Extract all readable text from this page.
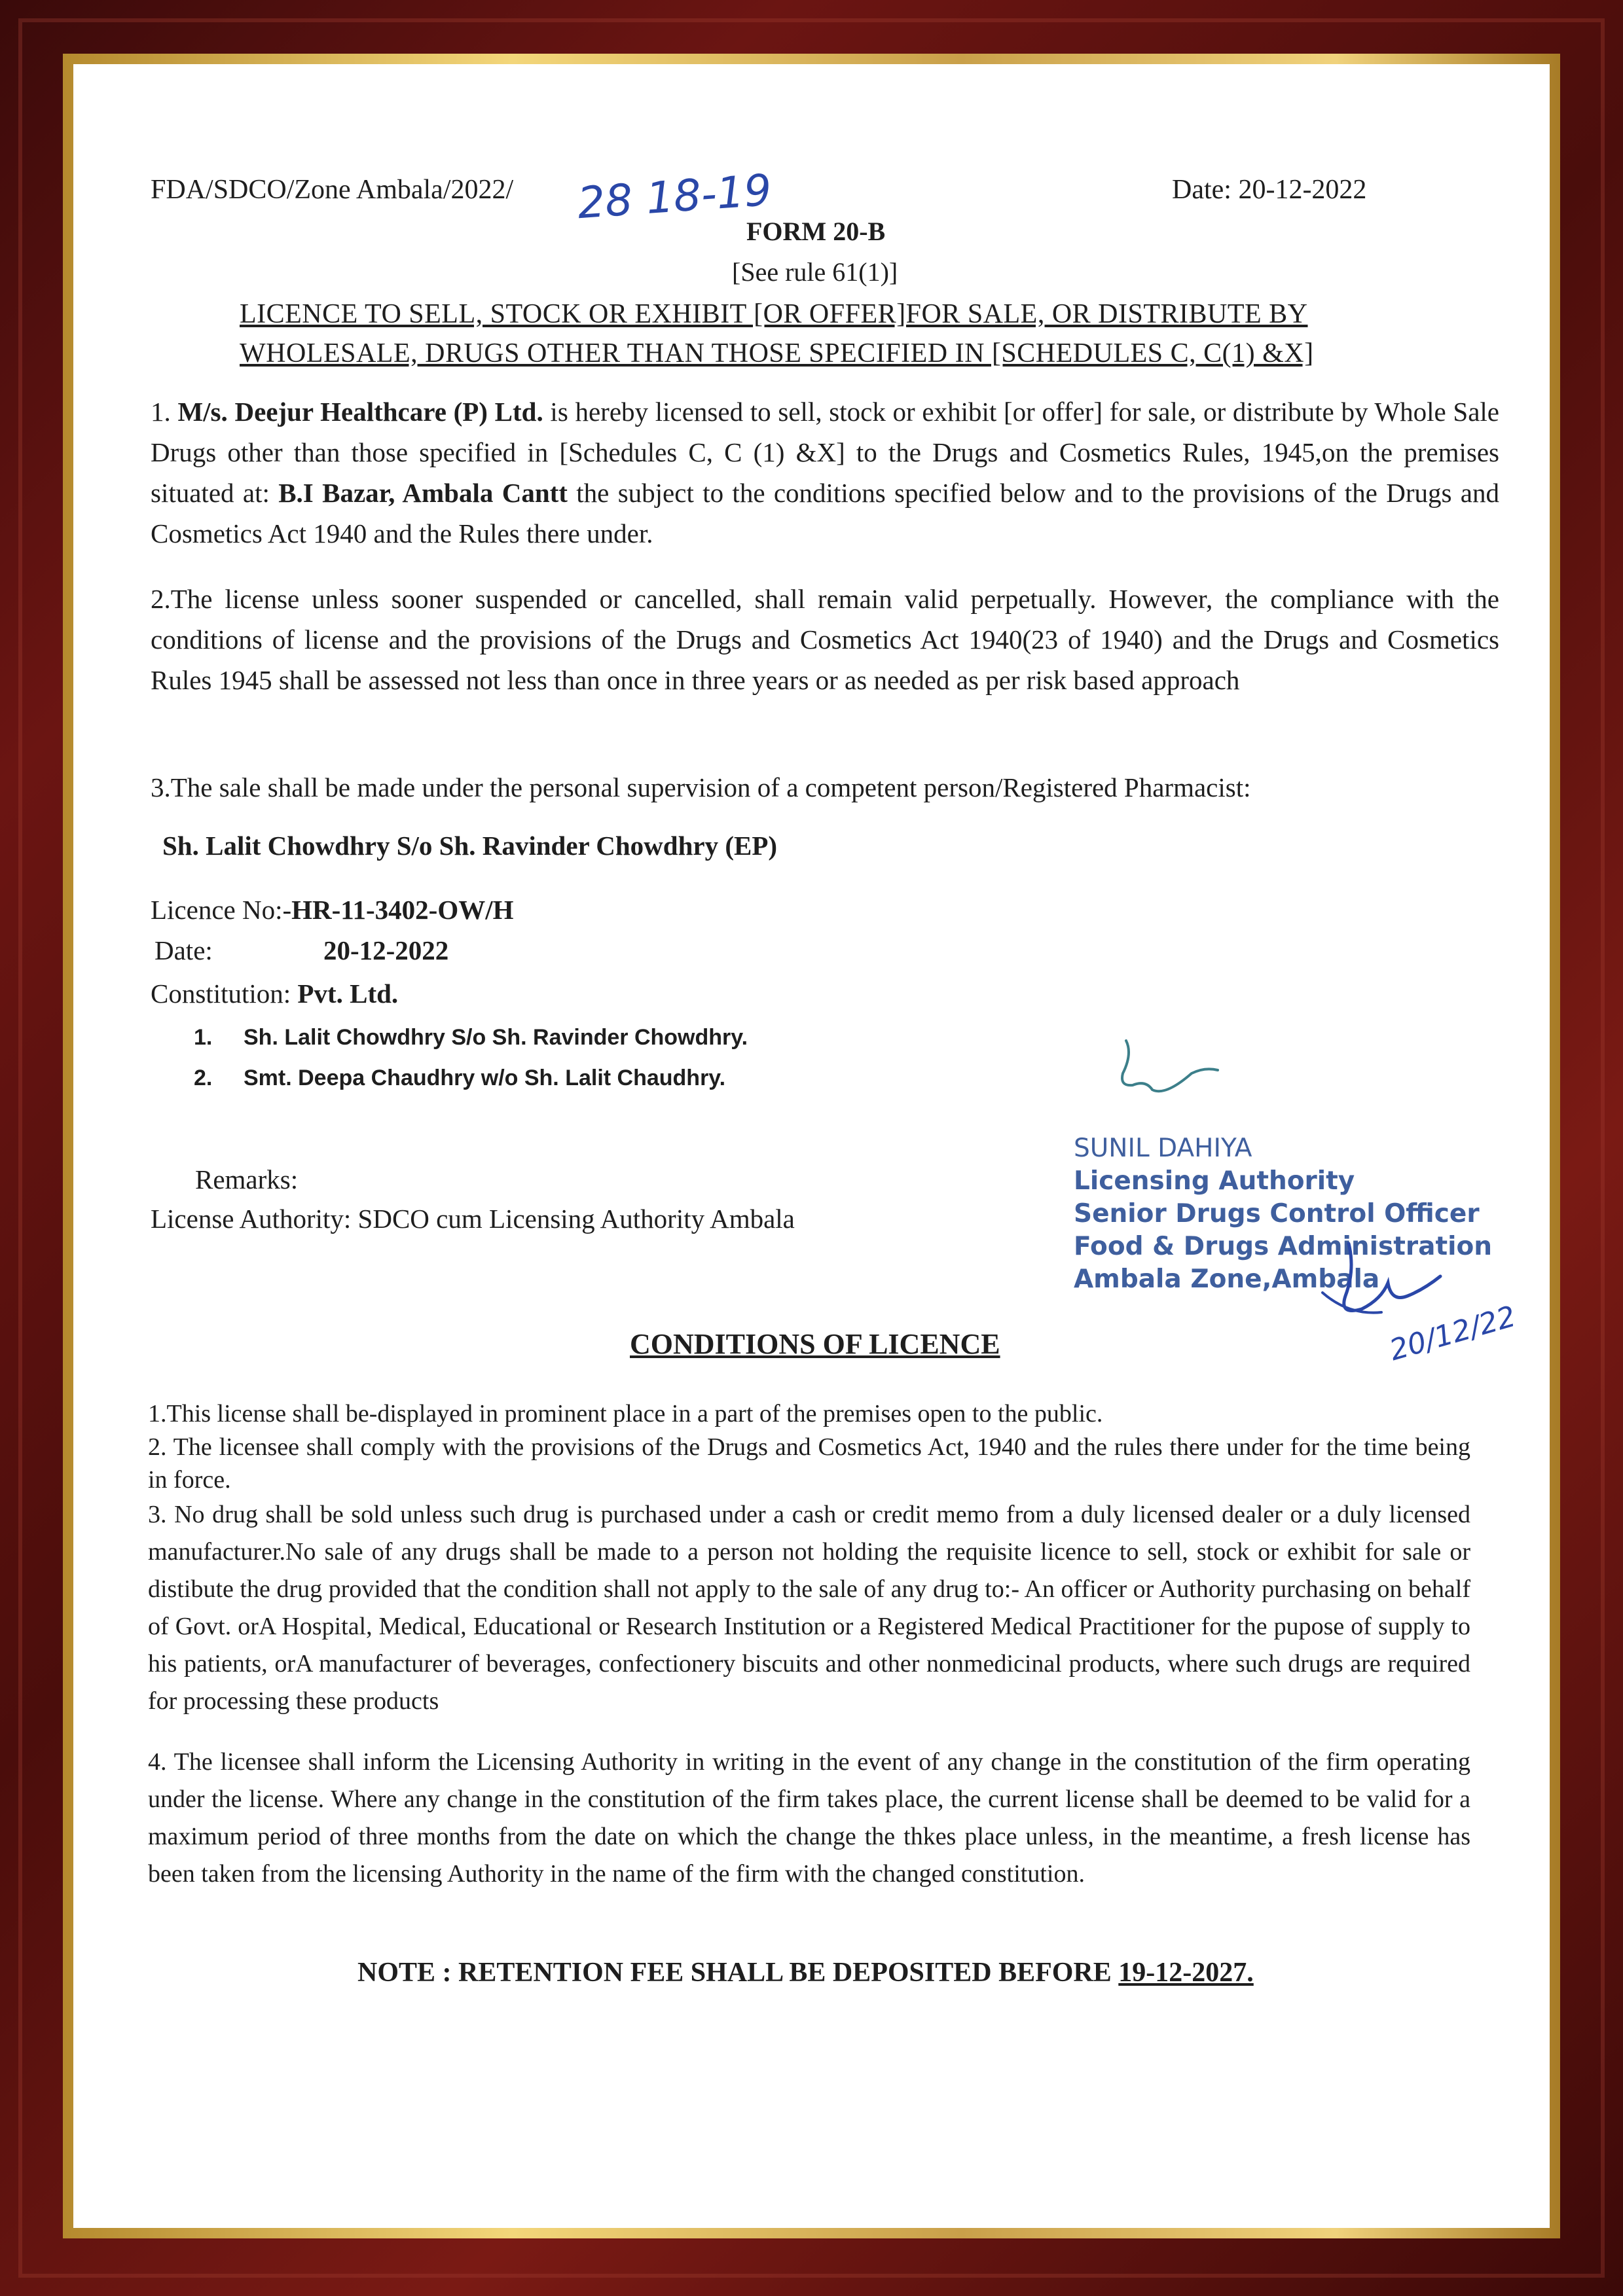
FDA/SDCO/Zone Ambala/2022/ 28 18-19	Date: 20-12-2022
FORM 20-B
[See rule 61(1)]
LICENCE TO SELL, STOCK OR EXHIBIT [OR OFFER]FOR SALE, OR DISTRIBUTE BY
WHOLESALE, DRUGS OTHER THAN THOSE SPECIFIED IN [SCHEDULES C, C(1) &X]
1. M/s. Deejur Healthcare (P) Ltd. is hereby licensed to sell, stock or exhibit [or offer] for sale, or distribute by Whole Sale Drugs other than those specified in [Schedules C, C (1) &X] to the Drugs and Cosmetics Rules, 1945,on the premises situated at: B.I Bazar, Ambala Cantt the subject to the conditions specified below and to the provisions of the Drugs and Cosmetics Act 1940 and the Rules there under.
2.The license unless sooner suspended or cancelled, shall remain valid perpetually. However, the compliance with the conditions of license and the provisions of the Drugs and Cosmetics Act 1940(23 of 1940) and the Drugs and Cosmetics Rules 1945 shall be assessed not less than once in three years or as needed as per risk based approach
3.The sale shall be made under the personal supervision of a competent person/Registered Pharmacist:
Sh. Lalit Chowdhry S/o Sh. Ravinder Chowdhry (EP)
Licence No:-HR-11-3402-OW/H
Date:	20-12-2022
Constitution: Pvt. Ltd.
1. Sh. Lalit Chowdhry S/o Sh. Ravinder Chowdhry.
2. Smt. Deepa Chaudhry w/o Sh. Lalit Chaudhry.
Remarks:
License Authority: SDCO cum Licensing Authority Ambala
SUNIL DAHIYA
Licensing Authority
Senior Drugs Control Officer
Food & Drugs Administration
Ambala Zone,Ambala
20/12/22
CONDITIONS OF LICENCE
1.This license shall be-displayed in prominent place in a part of the premises open to the public.
2. The licensee shall comply with the provisions of the Drugs and Cosmetics Act, 1940 and the rules there under for the time being in force.
3. No drug shall be sold unless such drug is purchased under a cash or credit memo from a duly licensed dealer or a duly licensed manufacturer.No sale of any drugs shall be made to a person not holding the requisite licence to sell, stock or exhibit for sale or distibute the drug provided that the condition shall not apply to the sale of any drug to:- An officer or Authority purchasing on behalf of Govt. orA Hospital, Medical, Educational or Research Institution or a Registered Medical Practitioner for the pupose of supply to his patients, orA manufacturer of beverages, confectionery biscuits and other nonmedicinal products, where such drugs are required for processing these products
4. The licensee shall inform the Licensing Authority in writing in the event of any change in the constitution of the firm operating under the license. Where any change in the constitution of the firm takes place, the current license shall be deemed to be valid for a maximum period of three months from the date on which the change the thkes place unless, in the meantime, a fresh license has been taken from the licensing Authority in the name of the firm with the changed constitution.
NOTE : RETENTION FEE SHALL BE DEPOSITED BEFORE 19-12-2027.
